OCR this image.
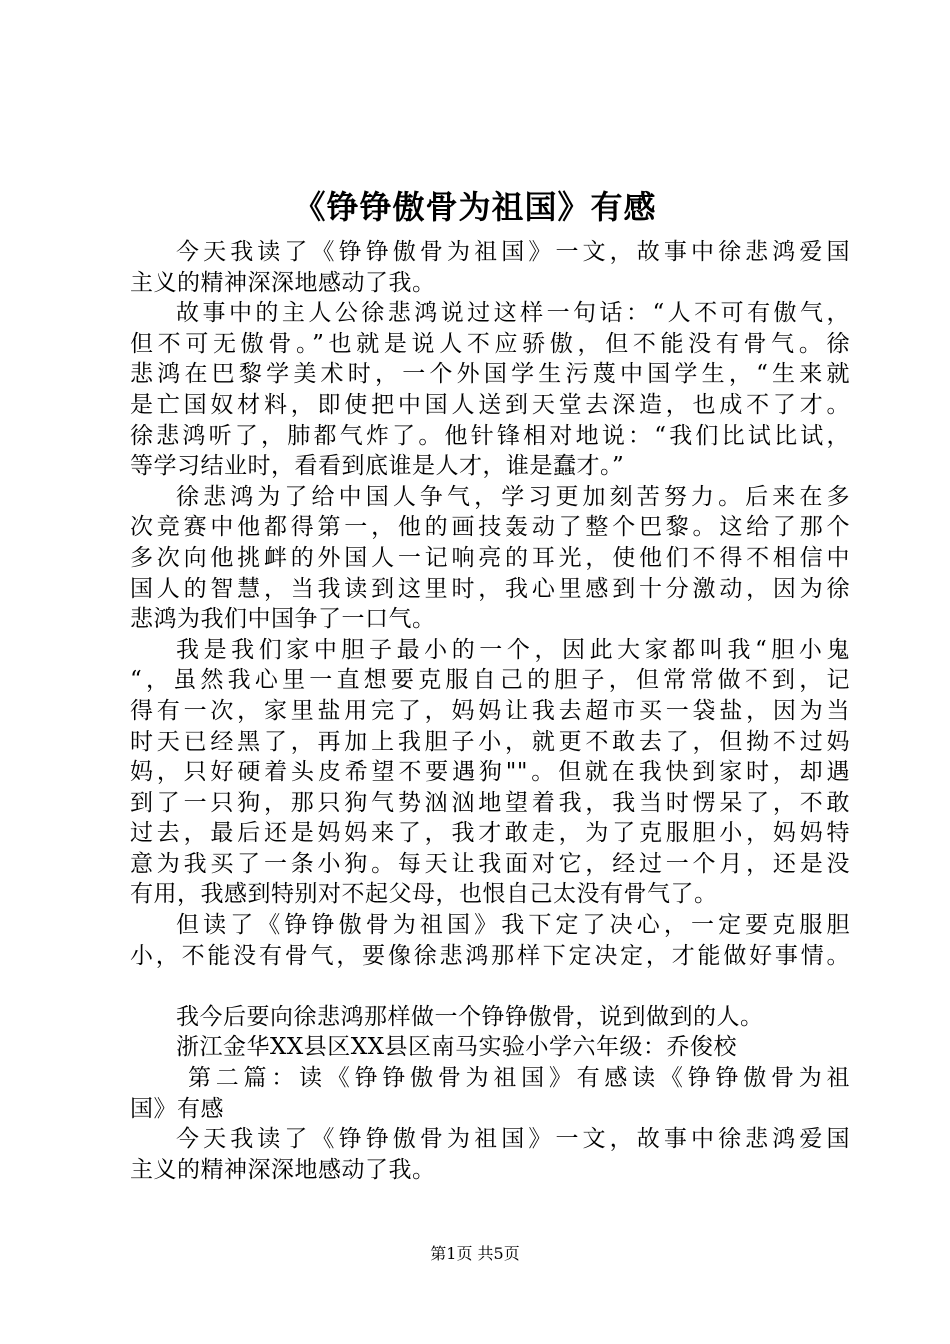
《铮铮傲骨为祖国》有感
今天我读了《铮铮傲骨为祖国》一文，故事中徐悲鸿爱国
主义的精神深深地感动了我。
故事中的主人公徐悲鸿说过这样一句话：“人不可有傲气，
但不可无傲骨。”也就是说人不应骄傲，但不能没有骨气。徐
悲鸿在巴黎学美术时，一个外国学生污蔑中国学生，“生来就
是亡国奴材料，即使把中国人送到天堂去深造，也成不了才。
徐悲鸿听了，肺都气炸了。他针锋相对地说：“我们比试比试，
等学习结业时，看看到底谁是人才，谁是蠢才。”
徐悲鸿为了给中国人争气，学习更加刻苦努力。后来在多
次竞赛中他都得第一，他的画技轰动了整个巴黎。这给了那个
多次向他挑衅的外国人一记响亮的耳光，使他们不得不相信中
国人的智慧，当我读到这里时，我心里感到十分激动，因为徐
悲鸿为我们中国争了一口气。
我是我们家中胆子最小的一个，因此大家都叫我“胆小鬼
“，虽然我心里一直想要克服自己的胆子，但常常做不到，记
得有一次，家里盐用完了，妈妈让我去超市买一袋盐，因为当
时天已经黑了，再加上我胆子小，就更不敢去了，但拗不过妈
妈，只好硬着头皮希望不要遇狗""。但就在我快到家时，却遇
到了一只狗，那只狗气势汹汹地望着我，我当时愣呆了，不敢
过去，最后还是妈妈来了，我才敢走，为了克服胆小，妈妈特
意为我买了一条小狗。每天让我面对它，经过一个月，还是没
有用，我感到特别对不起父母，也恨自己太没有骨气了。
但读了《铮铮傲骨为祖国》我下定了决心，一定要克服胆
小，不能没有骨气，要像徐悲鸿那样下定决定，才能做好事情。
我今后要向徐悲鸿那样做一个铮铮傲骨，说到做到的人。
浙江金华XX县区XX县区南马实验小学六年级：乔俊校
第二篇：读《铮铮傲骨为祖国》有感读《铮铮傲骨为祖
国》有感
今天我读了《铮铮傲骨为祖国》一文，故事中徐悲鸿爱国
主义的精神深深地感动了我。
第1页 共5页
